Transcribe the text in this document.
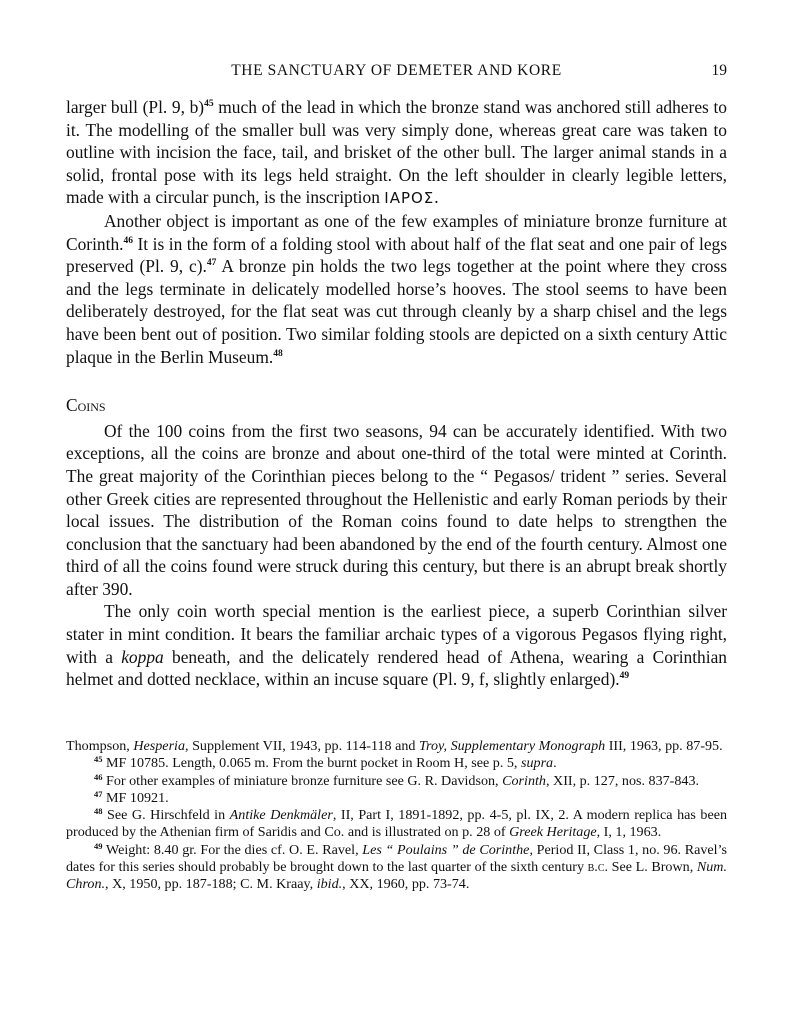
THE SANCTUARY OF DEMETER AND KORE	19

larger bull (Pl. 9, b)$^{45}$ much of the lead in which the bronze stand was anchored still adheres to it. The modelling of the smaller bull was very simply done, whereas great care was taken to outline with incision the face, tail, and brisket of the other bull. The larger animal stands in a solid, frontal pose with its legs held straight. On the left shoulder in clearly legible letters, made with a circular punch, is the inscription ΙΑΡΟΣ.

Another object is important as one of the few examples of miniature bronze furniture at Corinth.$^{46}$ It is in the form of a folding stool with about half of the flat seat and one pair of legs preserved (Pl. 9, c).$^{47}$ A bronze pin holds the two legs together at the point where they cross and the legs terminate in delicately modelled horse’s hooves. The stool seems to have been deliberately destroyed, for the flat seat was cut through cleanly by a sharp chisel and the legs have been bent out of position. Two similar folding stools are depicted on a sixth century Attic plaque in the Berlin Museum.$^{48}$

Coins

Of the 100 coins from the first two seasons, 94 can be accurately identified. With two exceptions, all the coins are bronze and about one-third of the total were minted at Corinth. The great majority of the Corinthian pieces belong to the “ Pegasos/ trident ” series. Several other Greek cities are represented throughout the Hellenistic and early Roman periods by their local issues. The distribution of the Roman coins found to date helps to strengthen the conclusion that the sanctuary had been abandoned by the end of the fourth century. Almost one third of all the coins found were struck during this century, but there is an abrupt break shortly after 390.

The only coin worth special mention is the earliest piece, a superb Corinthian silver stater in mint condition. It bears the familiar archaic types of a vigorous Pegasos flying right, with a koppa beneath, and the delicately rendered head of Athena, wearing a Corinthian helmet and dotted necklace, within an incuse square (Pl. 9, f, slightly enlarged).$^{49}$

Thompson, Hesperia, Supplement VII, 1943, pp. 114-118 and Troy, Supplementary Monograph III, 1963, pp. 87-95.

$^{45}$ MF 10785. Length, 0.065 m. From the burnt pocket in Room H, see p. 5, supra.

$^{46}$ For other examples of miniature bronze furniture see G. R. Davidson, Corinth, XII, p. 127, nos. 837-843.

$^{47}$ MF 10921.

$^{48}$ See G. Hirschfeld in Antike Denkmäler, II, Part I, 1891-1892, pp. 4-5, pl. IX, 2. A modern replica has been produced by the Athenian firm of Saridis and Co. and is illustrated on p. 28 of Greek Heritage, I, 1, 1963.

$^{49}$ Weight: 8.40 gr. For the dies cf. O. E. Ravel, Les “ Poulains ” de Corinthe, Period II, Class 1, no. 96. Ravel’s dates for this series should probably be brought down to the last quarter of the sixth century b.c. See L. Brown, Num. Chron., X, 1950, pp. 187-188; C. M. Kraay, ibid., XX, 1960, pp. 73-74.
